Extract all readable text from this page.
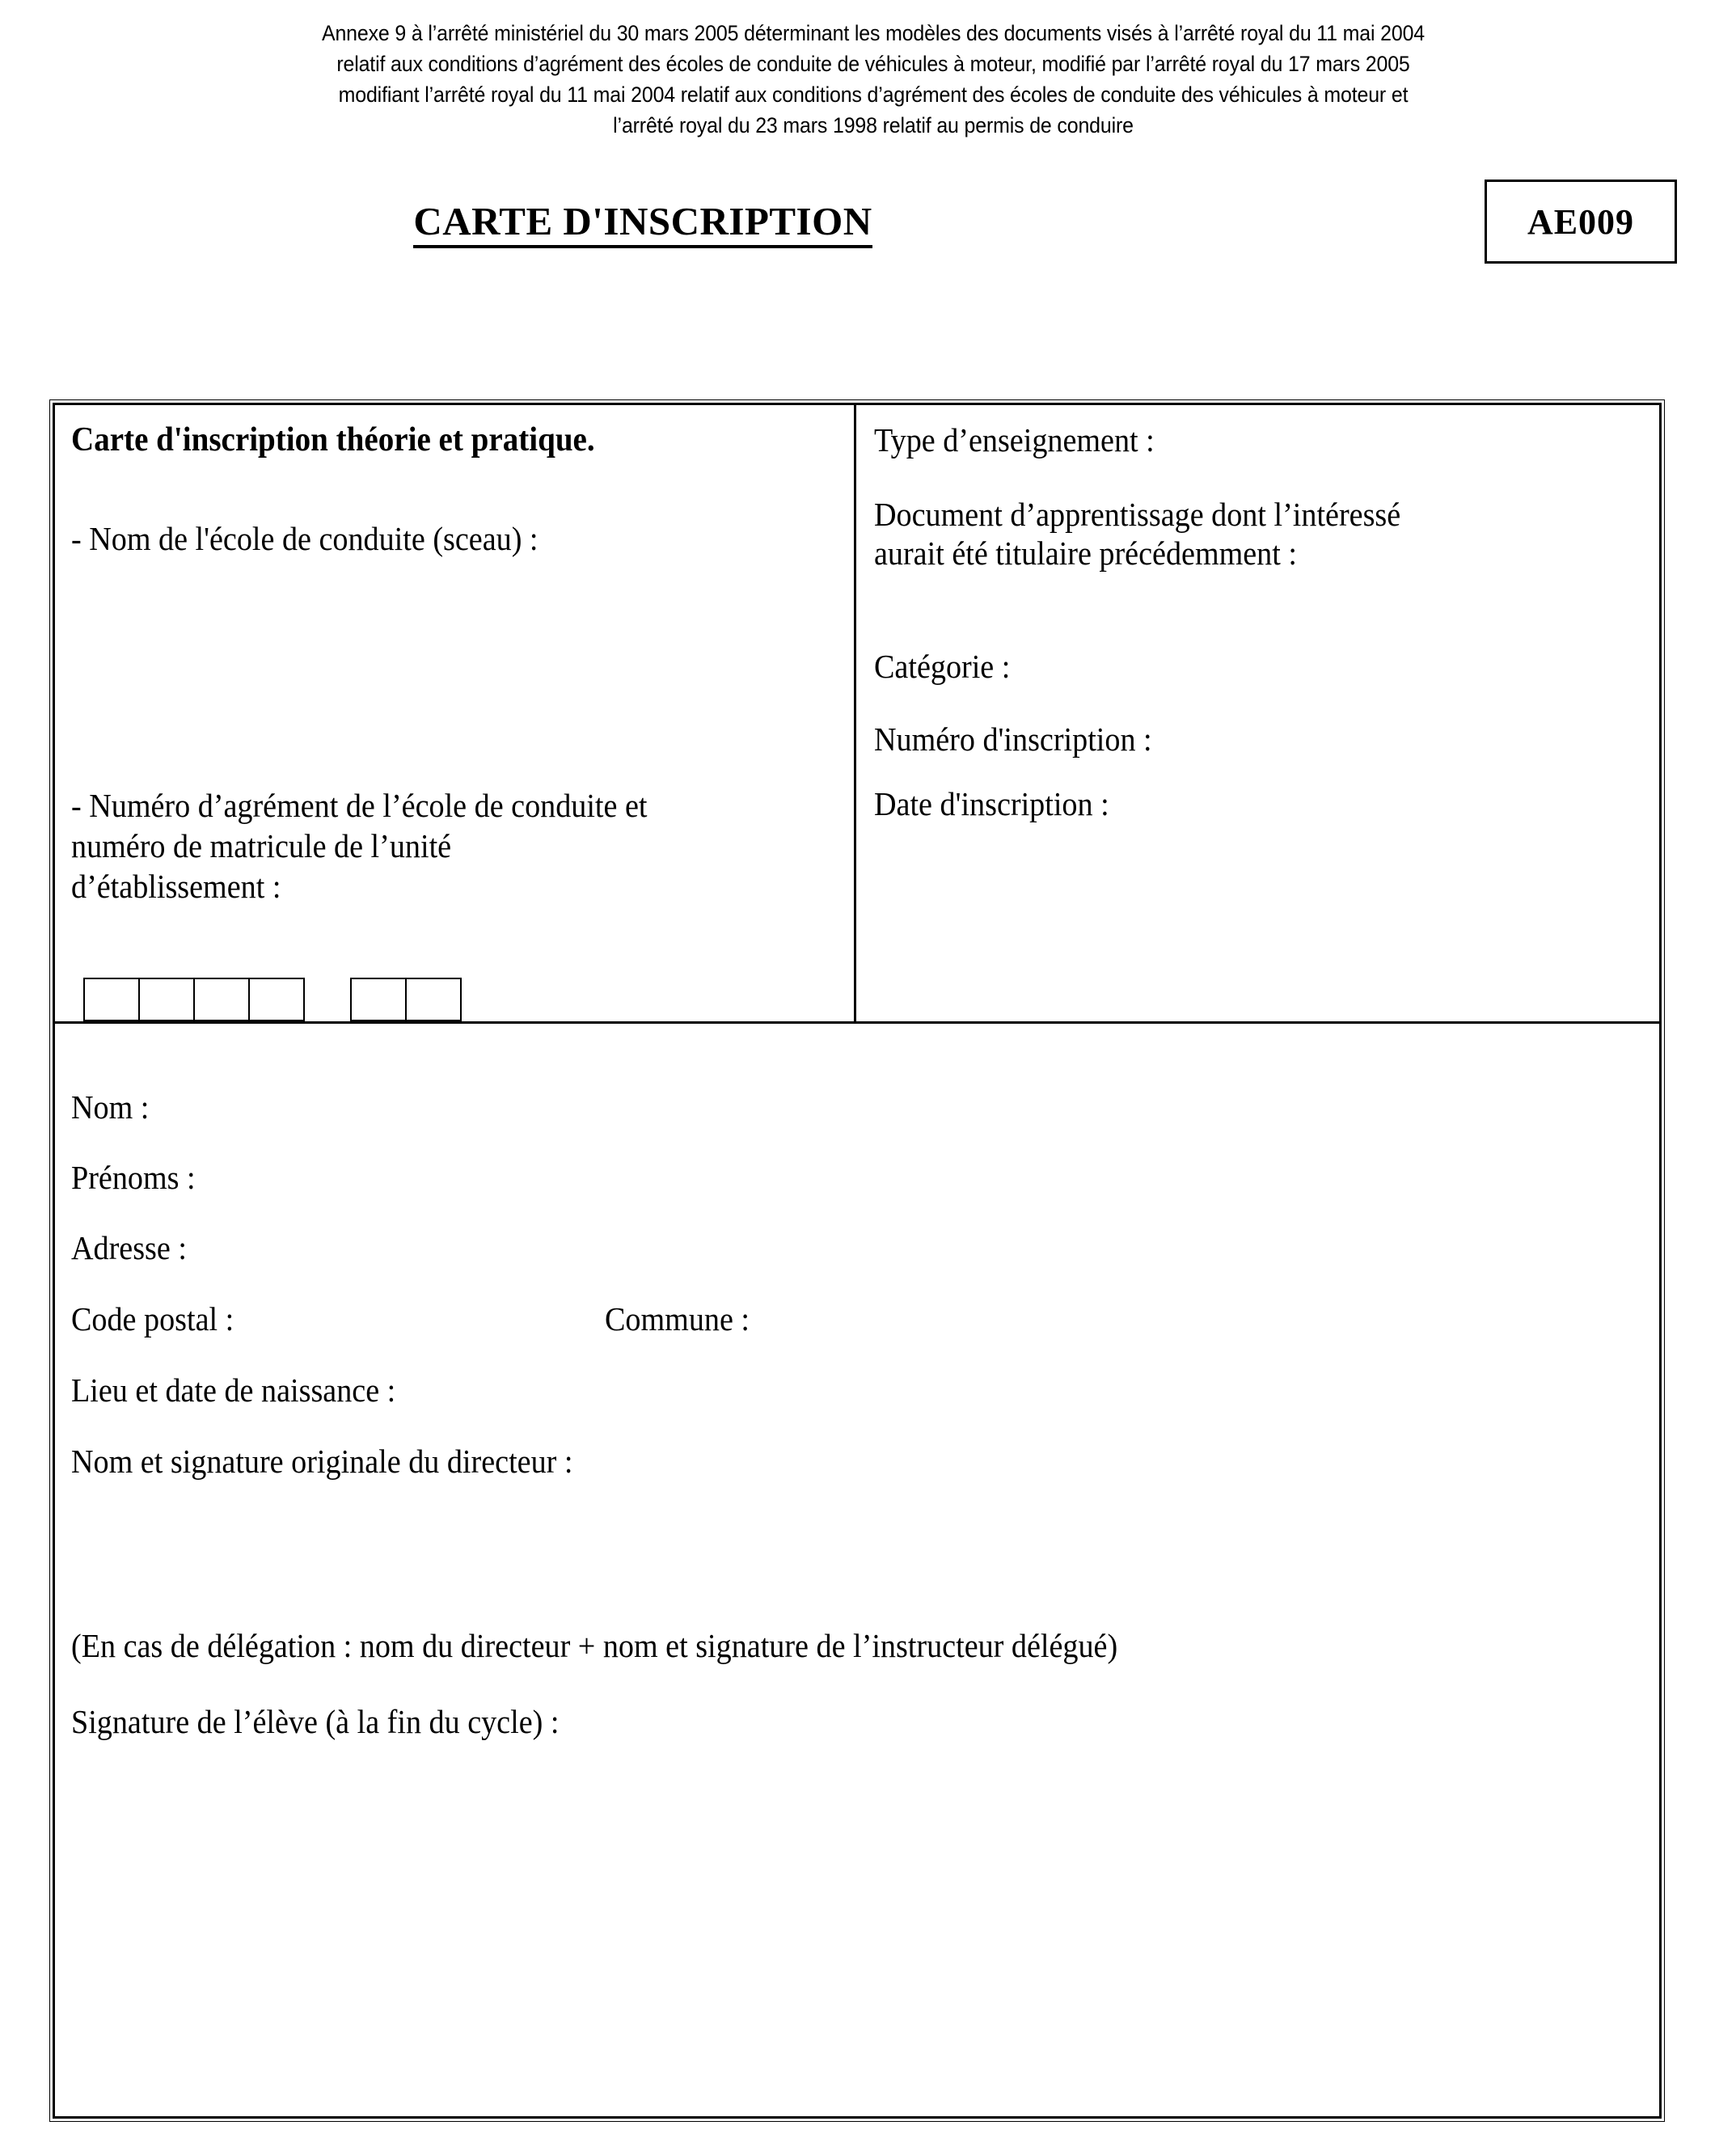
Annexe 9 à l’arrêté ministériel du 30 mars 2005 déterminant les modèles des documents visés à l’arrêté royal du 11 mai 2004
relatif aux conditions d’agrément des écoles de conduite de véhicules à moteur, modifié par l’arrêté royal du 17 mars 2005
modifiant l’arrêté royal du 11 mai 2004 relatif aux conditions d’agrément des écoles de conduite des véhicules à moteur et
l’arrêté royal du 23 mars 1998 relatif au permis de conduire
CARTE D'INSCRIPTION	AE009
Carte d'inscription théorie et pratique.
- Nom de l'école de conduite (sceau) :
- Numéro d’agrément de l’école de conduite et
numéro de matricule de l’unité
d’établissement :
Type d’enseignement :
Document d’apprentissage dont l’intéressé
aurait été titulaire précédemment :
Catégorie :
Numéro d'inscription :
Date d'inscription :
Nom :
Prénoms :
Adresse :
Code postal :	Commune :
Lieu et date de naissance :
Nom et signature originale du directeur :
(En cas de délégation : nom du directeur + nom et signature de l’instructeur délégué)
Signature de l’élève (à la fin du cycle) :
